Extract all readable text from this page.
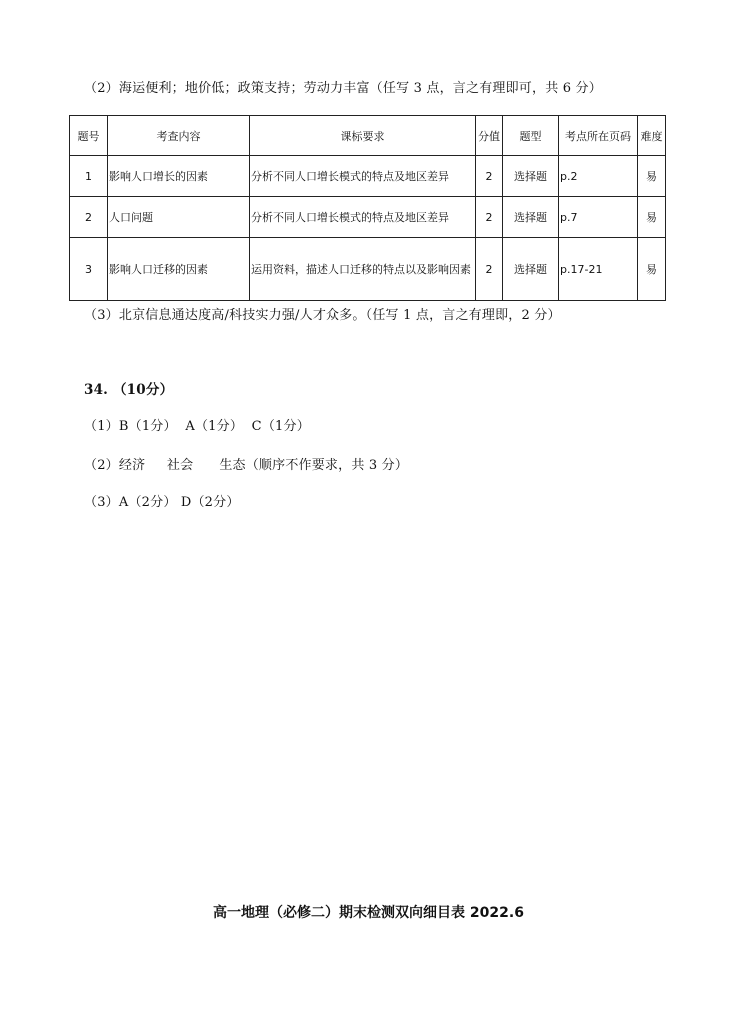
（2）海运便利；地价低；政策支持；劳动力丰富（任写 3 点，言之有理即可，共 6 分）
题号	考查内容	课标要求	分值	题型	考点所在页码	难度
1	影响人口增长的因素	分析不同人口增长模式的特点及地区差异	2	选择题	p.2	易
2	人口问题	分析不同人口增长模式的特点及地区差异	2	选择题	p.7	易
3	影响人口迁移的因素	运用资料，描述人口迁移的特点以及影响因素	2	选择题	p.17-21	易
（3）北京信息通达度高/科技实力强/人才众多。（任写 1 点，言之有理即，2 分）
34. （10分）
（1）B（1分）  A（1分）  C（1分）
（2）经济     社会      生态（顺序不作要求，共 3 分）
（3）A（2分） D（2分）
高一地理（必修二）期末检测双向细目表 2022.6
